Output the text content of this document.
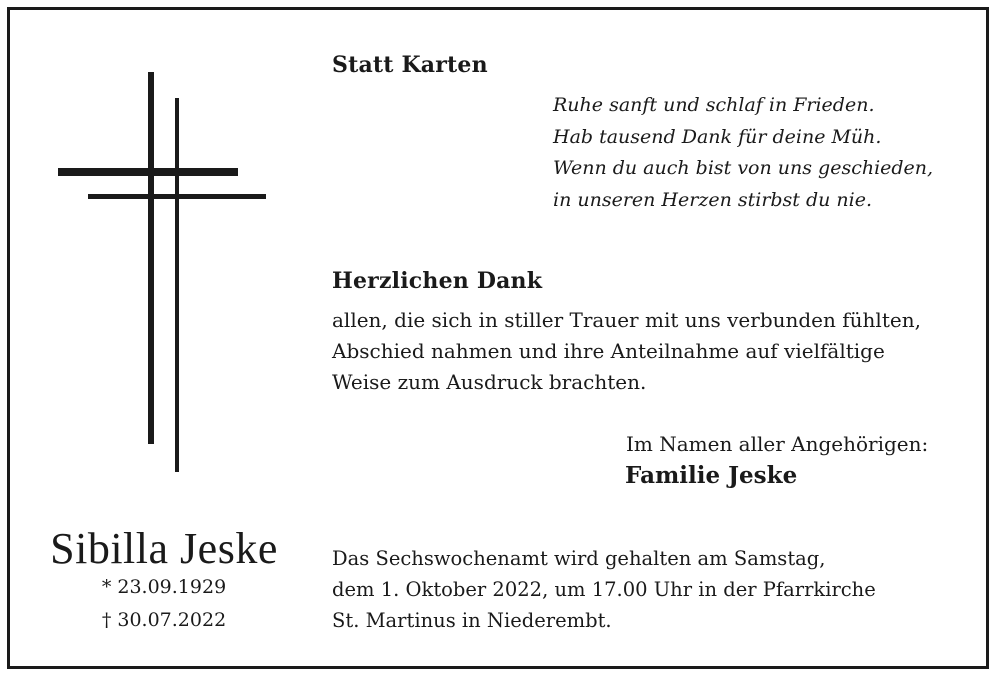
Statt Karten
Ruhe sanft und schlaf in Frieden.
Hab tausend Dank für deine Müh.
Wenn du auch bist von uns geschieden,
in unseren Herzen stirbst du nie.
Herzlichen Dank
allen, die sich in stiller Trauer mit uns verbunden fühlten,
Abschied nahmen und ihre Anteilnahme auf vielfältige
Weise zum Ausdruck brachten.
Im Namen aller Angehörigen:
Familie Jeske
Sibilla Jeske
* 23.09.1929
† 30.07.2022
Das Sechswochenamt wird gehalten am Samstag,
dem 1. Oktober 2022, um 17.00 Uhr in der Pfarrkirche
St. Martinus in Niederembt.
